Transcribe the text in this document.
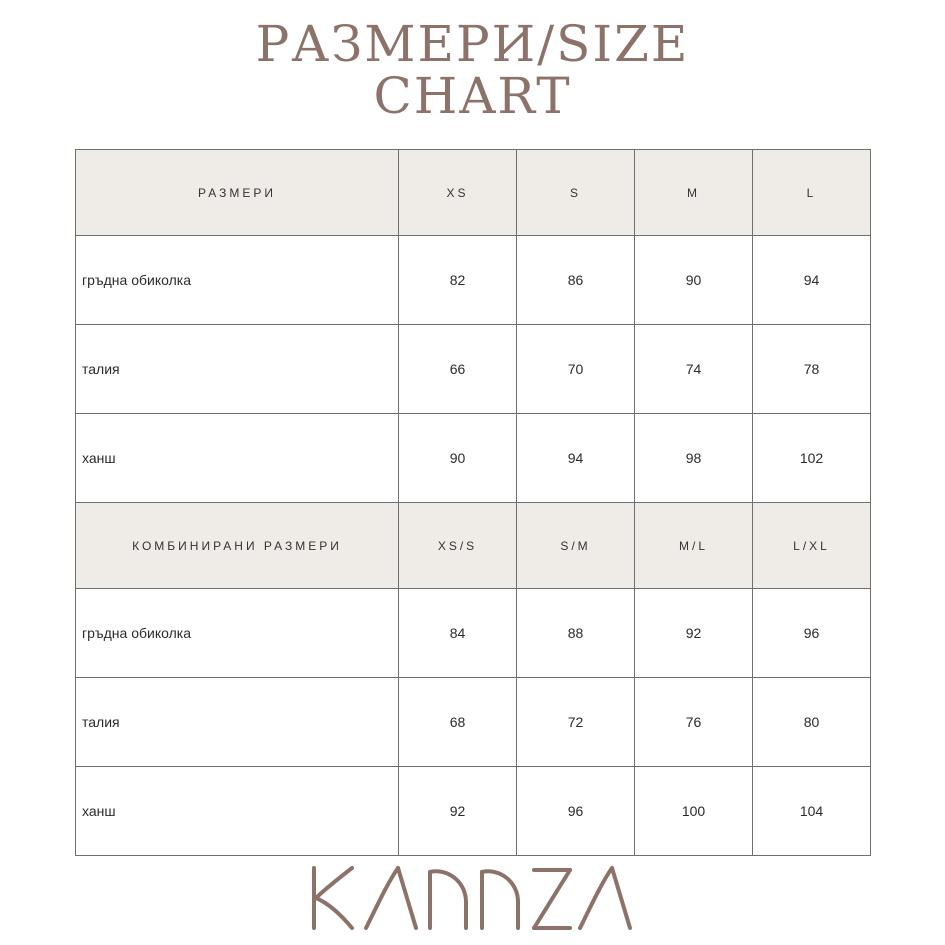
РАЗМЕРИ/SIZE
CHART
РАЗМЕРИ	XS	S	M	L
гръдна обиколка	82	86	90	94
талия	66	70	74	78
ханш	90	94	98	102
КОМБИНИРАНИ РАЗМЕРИ	XS/S	S/M	M/L	L/XL
гръдна обиколка	84	88	92	96
талия	68	72	76	80
ханш	92	96	100	104
